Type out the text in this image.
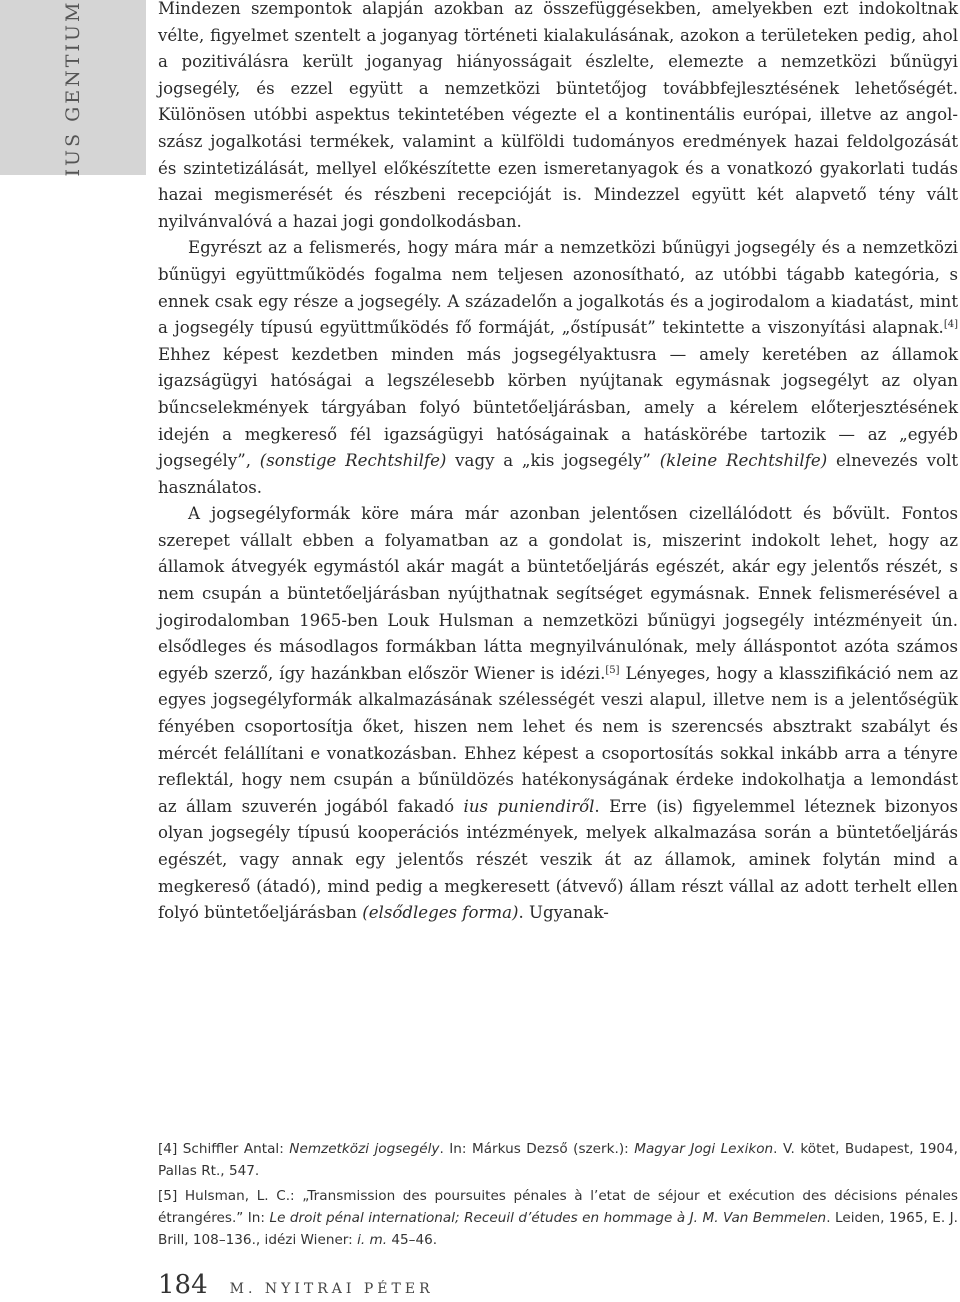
IUS GENTIUM	Mindezen szempontok alapján azokban az összefüggésekben, amelyekben ezt indokoltnak vélte, figyelmet szentelt a joganyag történeti kialakulásának, azokon a területeken pedig, ahol a pozitiválásra került joganyag hiányosságait észlelte, elemezte a nemzetközi bűnügyi jogsegély, és ezzel együtt a nemzetközi büntetőjog továbbfejlesztésének lehetőségét. Különösen utóbbi aspektus tekintetében végezte el a kontinentális európai, illetve az angol-szász jogalkotási termékek, valamint a külföldi tudományos eredmények hazai feldolgozását és szintetizálását, mellyel előkészítette ezen ismeretanyagok és a vonatkozó gyakorlati tudás hazai megismerését és részbeni recepcióját is. Mindezzel együtt két alapvető tény vált nyilvánvalóvá a hazai jogi gondolkodásban.

Egyrészt az a felismerés, hogy mára már a nemzetközi bűnügyi jogsegély és a nemzetközi bűnügyi együttműködés fogalma nem teljesen azonosítható, az utóbbi tágabb kategória, s ennek csak egy része a jogsegély. A századelőn a jogalkotás és a jogirodalom a kiadatást, mint a jogsegély típusú együttműködés fő formáját, „őstípusát” tekintette a viszonyítási alapnak.[4] Ehhez képest kezdetben minden más jogsegélyaktusra — amely keretében az államok igazságügyi hatóságai a legszélesebb körben nyújtanak egymásnak jogsegélyt az olyan bűncselekmények tárgyában folyó büntetőeljárásban, amely a kérelem előterjesztésének idején a megkereső fél igazságügyi hatóságainak a hatáskörébe tartozik — az „egyéb jogsegély”, (sonstige Rechtshilfe) vagy a „kis jogsegély” (kleine Rechtshilfe) elnevezés volt használatos.

A jogsegélyformák köre mára már azonban jelentősen cizellálódott és bővült. Fontos szerepet vállalt ebben a folyamatban az a gondolat is, miszerint indokolt lehet, hogy az államok átvegyék egymástól akár magát a büntetőeljárás egészét, akár egy jelentős részét, s nem csupán a büntetőeljárásban nyújthatnak segítséget egymásnak. Ennek felismerésével a jogirodalomban 1965-ben Louk Hulsman a nemzetközi bűnügyi jogsegély intézményeit ún. elsődleges és másodlagos formákban látta megnyilvánulónak, mely álláspontot azóta számos egyéb szerző, így hazánkban először Wiener is idézi.[5] Lényeges, hogy a klasszifikáció nem az egyes jogsegélyformák alkalmazásának szélességét veszi alapul, illetve nem is a jelentőségük fényében csoportosítja őket, hiszen nem lehet és nem is szerencsés absztrakt szabályt és mércét felállítani e vonatkozásban. Ehhez képest a csoportosítás sokkal inkább arra a tényre reflektál, hogy nem csupán a bűnüldözés hatékonyságának érdeke indokolhatja a lemondást az állam szuverén jogából fakadó ius puniendiről. Erre (is) figyelemmel léteznek bizonyos olyan jogsegély típusú kooperációs intézmények, melyek alkalmazása során a büntetőeljárás egészét, vagy annak egy jelentős részét veszik át az államok, aminek folytán mind a megkereső (átadó), mind pedig a megkeresett (átvevő) állam részt vállal az adott terhelt ellen folyó büntetőeljárásban (elsődleges forma). Ugyanak-

[4] Schiffler Antal: Nemzetközi jogsegély. In: Márkus Dezső (szerk.): Magyar Jogi Lexikon. V. kötet, Budapest, 1904, Pallas Rt., 547.

[5] Hulsman, L. C.: „Transmission des poursuites pénales à l’etat de séjour et exécution des décisions pénales étrangéres.” In: Le droit pénal international; Receuil d’études en hommage à J. M. Van Bemmelen. Leiden, 1965, E. J. Brill, 108–136., idézi Wiener: i. m. 45–46.

184 M. NYITRAI PÉTER
